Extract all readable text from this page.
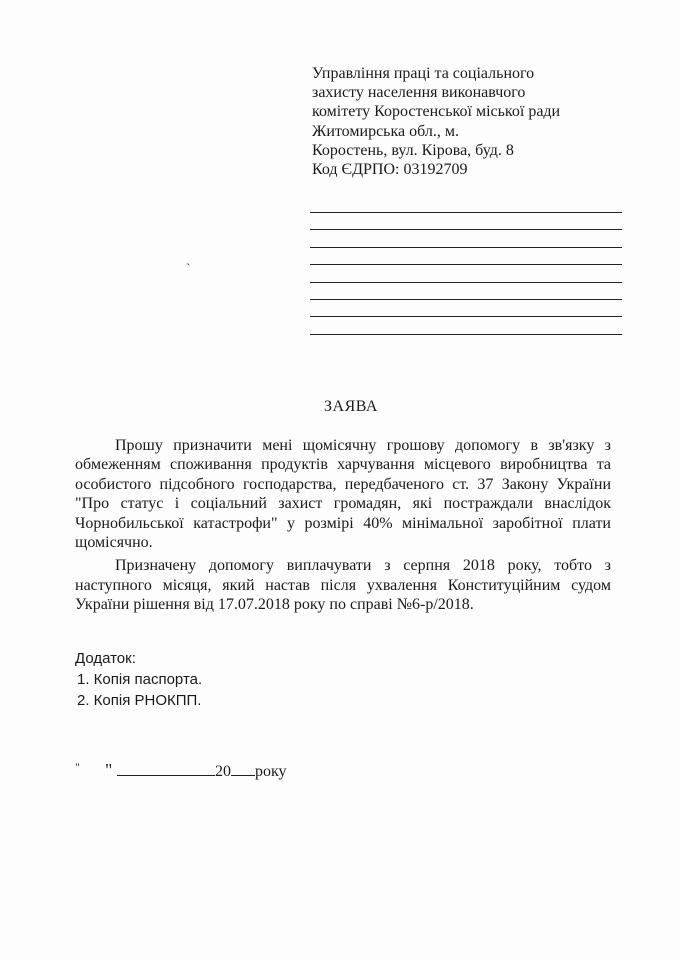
Управління праці та соціального
захисту населення виконавчого
комітету Коростенської міської ради
Житомирська обл., м.
Коростень, вул. Кірова, буд. 8
Код ЄДРПО: 03192709
`
ЗАЯВА

Прошу призначити мені щомісячну грошову допомогу в зв'язку з обмеженням споживання продуктів харчування місцевого виробництва та особистого підсобного господарства, передбаченого ст. 37 Закону України "Про статус і соціальний захист громадян, які постраждали внаслідок Чорнобильської катастрофи" у розмірі 40% мінімальної заробітної плати щомісячно.

Призначену допомогу виплачувати з серпня 2018 року, тобто з наступного місяця, який настав після ухвалення Конституційним судом України рішення від 17.07.2018 року по справі №6-р/2018.

Додаток:
1. Копія паспорта.
2. Копія РНОКПП.
" "	20 року
